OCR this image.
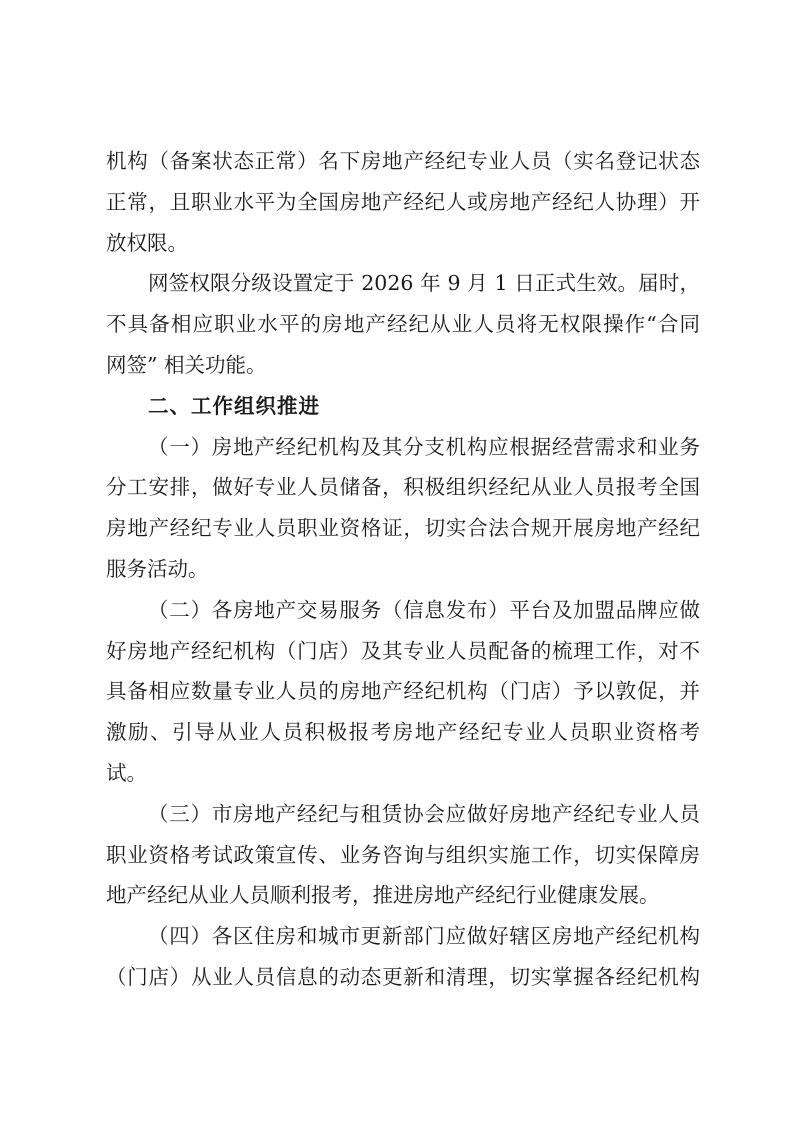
机构（备案状态正常）名下房地产经纪专业人员（实名登记状态
正常，且职业水平为全国房地产经纪人或房地产经纪人协理）开
放权限。
网签权限分级设置定于 2026 年 9 月 1 日正式生效。届时，
不具备相应职业水平的房地产经纪从业人员将无权限操作“合同
网签” 相关功能。
二、工作组织推进
（一）房地产经纪机构及其分支机构应根据经营需求和业务
分工安排，做好专业人员储备，积极组织经纪从业人员报考全国
房地产经纪专业人员职业资格证，切实合法合规开展房地产经纪
服务活动。
（二）各房地产交易服务（信息发布）平台及加盟品牌应做
好房地产经纪机构（门店）及其专业人员配备的梳理工作，对不
具备相应数量专业人员的房地产经纪机构（门店）予以敦促，并
激励、引导从业人员积极报考房地产经纪专业人员职业资格考
试。
（三）市房地产经纪与租赁协会应做好房地产经纪专业人员
职业资格考试政策宣传、业务咨询与组织实施工作，切实保障房
地产经纪从业人员顺利报考，推进房地产经纪行业健康发展。
（四）各区住房和城市更新部门应做好辖区房地产经纪机构
（门店）从业人员信息的动态更新和清理，切实掌握各经纪机构
